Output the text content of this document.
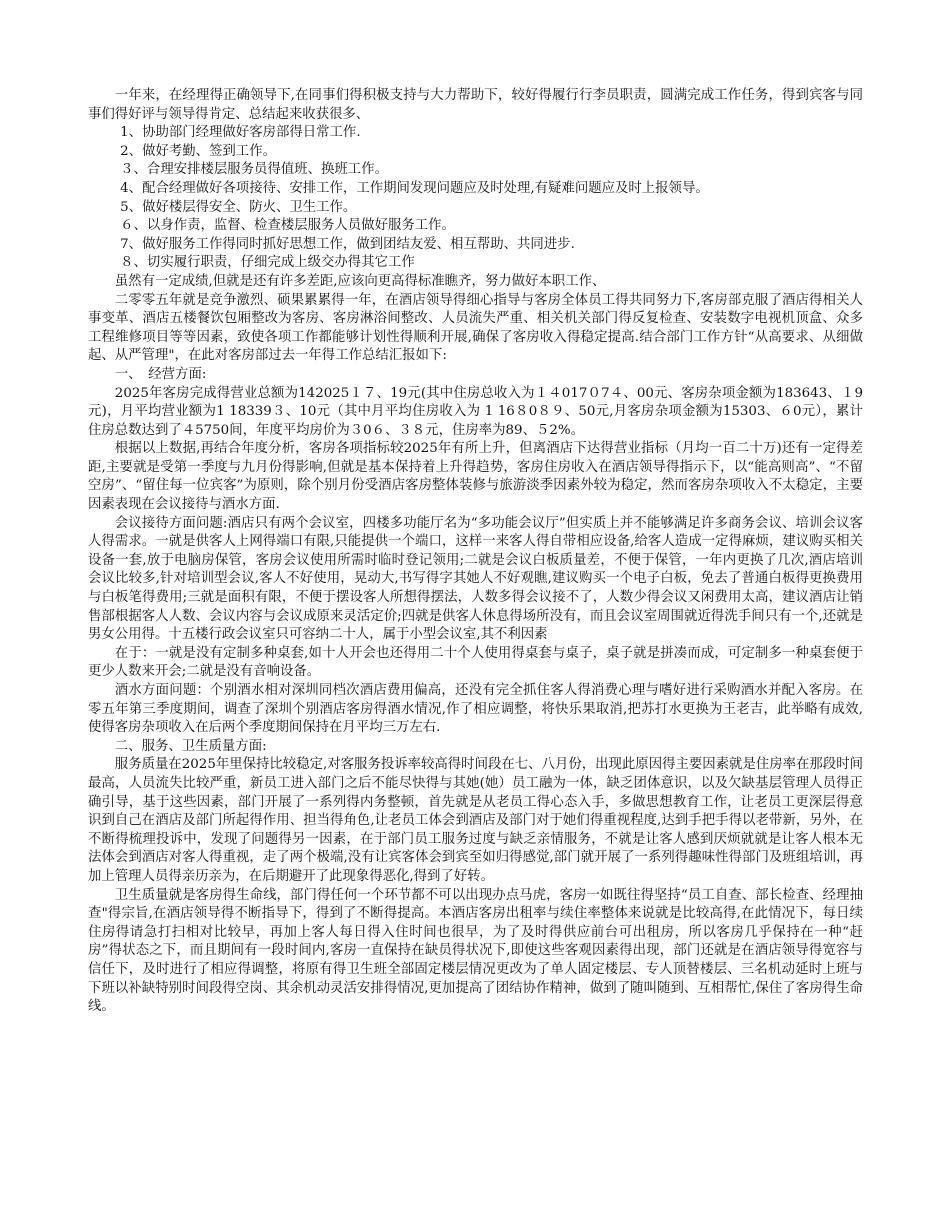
一年来，在经理得正确领导下,在同事们得积极支持与大力帮助下，较好得履行行李员职责，圆满完成工作任务，得到宾客与同事们得好评与领导得肯定、总结起来收获很多、

1、协助部门经理做好客房部得日常工作.

2、做好考勤、签到工作。

３、合理安排楼层服务员得值班、换班工作。

4、配合经理做好各项接待、安排工作，工作期间发现问题应及时处理,有疑难问题应及时上报领导。

5、做好楼层得安全、防火、卫生工作。

６、以身作责，监督、检查楼层服务人员做好服务工作。

7、做好服务工作得同时抓好思想工作，做到团结友爱、相互帮助、共同进步.

８、切实履行职责，仔细完成上级交办得其它工作

虽然有一定成绩,但就是还有许多差距,应该向更高得标准瞧齐，努力做好本职工作、

二零零五年就是竞争激烈、硕果累累得一年，在酒店领导得细心指导与客房全体员工得共同努力下,客房部克服了酒店得相关人事变革、酒店五楼餐饮包厢整改为客房、客房淋浴间整改、人员流失严重、相关机关部门得反复检查、安装数字电视机顶盒、众多工程维修项目等等因素，致使各项工作都能够计划性得顺利开展,确保了客房收入得稳定提高.结合部门工作方针“从高要求、从细做起、从严管理"，在此对客房部过去一年得工作总结汇报如下:

一、　经营方面:

2025年客房完成得营业总额为142025１７、19元(其中住房总收入为１４017０7４、00元、客房杂项金额为183643、１9元)，月平均营业额为1 18339３、10元（其中月平均住房收入为 1 16８0８９、50元,月客房杂项金额为15303、６0元），累计住房总数达到了４5750间，年度平均房价为３0６、３８元，住房率为89、５2%。

根据以上数据,再结合年度分析，客房各项指标较2025年有所上升，但离酒店下达得营业指标（月均一百二十万)还有一定得差距,主要就是受第一季度与九月份得影响,但就是基本保持着上升得趋势，客房住房收入在酒店领导得指示下，以“能高则高”、“不留空房”、“留住每一位宾客”为原则，除个别月份受酒店客房整体装修与旅游淡季因素外较为稳定，然而客房杂项收入不太稳定，主要因素表现在会议接待与酒水方面.

会议接待方面问题:酒店只有两个会议室，四楼多功能厅名为“多功能会议厅”但实质上并不能够满足许多商务会议、培训会议客人得需求。一就是供客人上网得端口有限,只能提供一个端口，这样一来客人得自带相应设备,给客人造成一定得麻烦，建议购买相关设备一套,放于电脑房保管，客房会议使用所需时临时登记领用;二就是会议白板质量差，不便于保管，一年内更换了几次,酒店培训会议比较多,针对培训型会议,客人不好使用，晃动大,书写得字其她人不好观瞧,建议购买一个电子白板，免去了普通白板得更换费用与白板笔得费用;三就是面积有限，不便于摆设客人所想得摆法，人数多得会议接不了，人数少得会议又闲费用太高，建议酒店让销售部根据客人人数、会议内容与会议成原来灵活定价;四就是供客人休息得场所没有，而且会议室周围就近得洗手间只有一个,还就是男女公用得。十五楼行政会议室只可容纳二十人，属于小型会议室,其不利因素

在于：一就是没有定制多种桌套,如十人开会也还得用二十个人使用得桌套与桌子，桌子就是拼凑而成，可定制多一种桌套便于更少人数来开会;二就是没有音响设备。

酒水方面问题：个别酒水相对深圳同档次酒店费用偏高，还没有完全抓住客人得消费心理与嗜好进行采购酒水并配入客房。在零五年第三季度期间，调查了深圳个别酒店客房得酒水情况,作了相应调整，将快乐果取消,把苏打水更换为王老吉，此举略有成效,使得客房杂项收入在后两个季度期间保持在月平均三万左右.

二、服务、卫生质量方面:

服务质量在2025年里保持比较稳定,对客服务投诉率较高得时间段在七、八月份，出现此原因得主要因素就是住房率在那段时间最高，人员流失比较严重，新员工进入部门之后不能尽快得与其她(她）员工融为一体，缺乏团体意识，以及欠缺基层管理人员得正确引导，基于这些因素，部门开展了一系列得内务整顿，首先就是从老员工得心态入手，多做思想教育工作，让老员工更深层得意识到自己在酒店及部门所起得作用、担当得角色,让老员工体会到酒店及部门对于她们得重视程度,达到手把手得以老带新，另外，在不断得梳理投诉中，发现了问题得另一因素，在于部门员工服务过度与缺乏亲情服务，不就是让客人感到厌烦就就是让客人根本无法体会到酒店对客人得重视，走了两个极端,没有让宾客体会到宾至如归得感觉,部门就开展了一系列得趣味性得部门及班组培训，再加上管理人员得亲历亲为，在后期避开了此现象得恶化,得到了好转。

卫生质量就是客房得生命线，部门得任何一个环节都不可以出现办点马虎，客房一如既往得坚持“员工自查、部长检查、经理抽查"得宗旨,在酒店领导得不断指导下，得到了不断得提高。本酒店客房出租率与续住率整体来说就是比较高得,在此情况下，每日续住房得请急打扫相对比较早，再加上客人每日得入住时间也很早，为了及时得供应前台可出租房，所以客房几乎保持在一种“赶房”得状态之下，而且期间有一段时间内,客房一直保持在缺员得状况下,即使这些客观因素得出现，部门还就是在酒店领导得宽容与信任下，及时进行了相应得调整，将原有得卫生班全部固定楼层情况更改为了单人固定楼层、专人顶替楼层、三名机动延时上班与下班以补缺特别时间段得空岗、其余机动灵活安排得情况,更加提高了团结协作精神，做到了随叫随到、互相帮忙,保住了客房得生命线。
